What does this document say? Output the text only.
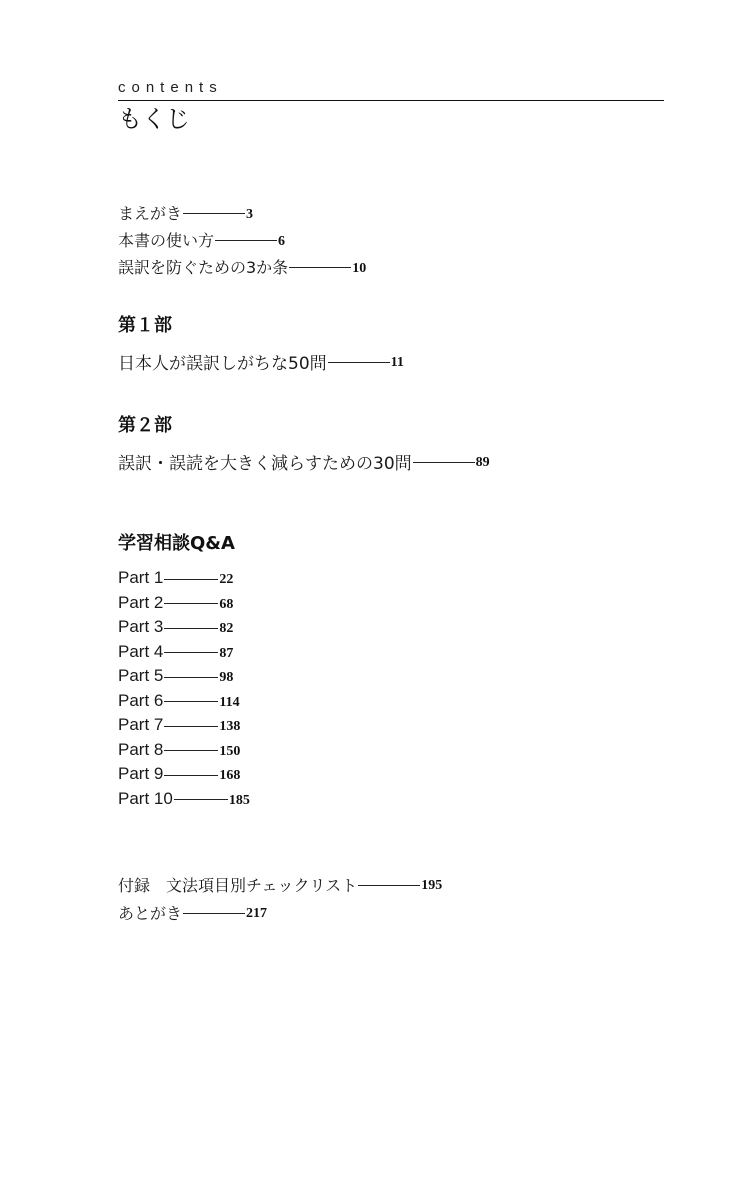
contents
もくじ
まえがき	3
本書の使い方	6
誤訳を防ぐための3か条	10
第１部
日本人が誤訳しがちな50問	11
第２部
誤訳・誤読を大きく減らすための30問	89
学習相談Q&A
Part 1	22
Part 2	68
Part 3	82
Part 4	87
Part 5	98
Part 6	114
Part 7	138
Part 8	150
Part 9	168
Part 10	185
付録　文法項目別チェックリスト	195
あとがき	217
